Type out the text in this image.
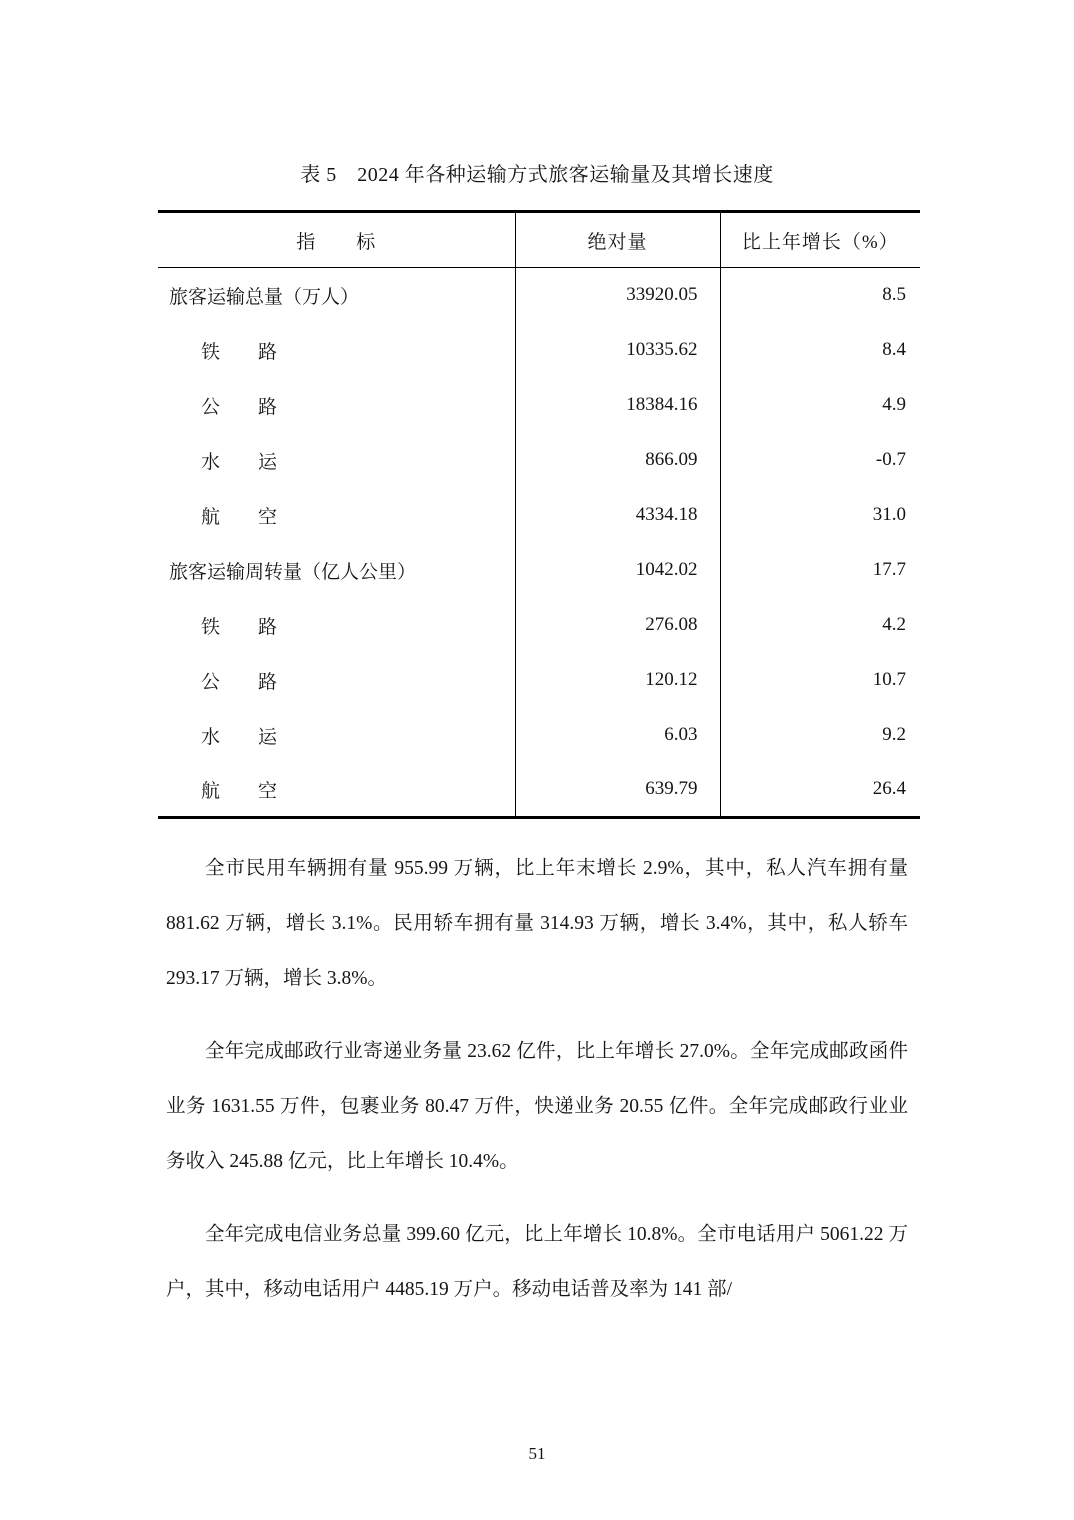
表 5　2024 年各种运输方式旅客运输量及其增长速度
指　　标	绝对量	比上年增长（%）
旅客运输总量（万人）	33920.05	8.5
铁　　路	10335.62	8.4
公　　路	18384.16	4.9
水　　运	866.09	-0.7
航　　空	4334.18	31.0
旅客运输周转量（亿人公里）	1042.02	17.7
铁　　路	276.08	4.2
公　　路	120.12	10.7
水　　运	6.03	9.2
航　　空	639.79	26.4

全市民用车辆拥有量 955.99 万辆，比上年末增长 2.9%，其中，私人汽车拥有量 881.62 万辆，增长 3.1%。民用轿车拥有量 314.93 万辆，增长 3.4%，其中，私人轿车 293.17 万辆，增长 3.8%。

全年完成邮政行业寄递业务量 23.62 亿件，比上年增长 27.0%。全年完成邮政函件业务 1631.55 万件，包裹业务 80.47 万件，快递业务 20.55 亿件。全年完成邮政行业业务收入 245.88 亿元，比上年增长 10.4%。

全年完成电信业务总量 399.60 亿元，比上年增长 10.8%。全市电话用户 5061.22 万户，其中，移动电话用户 4485.19 万户。移动电话普及率为 141 部/

51
